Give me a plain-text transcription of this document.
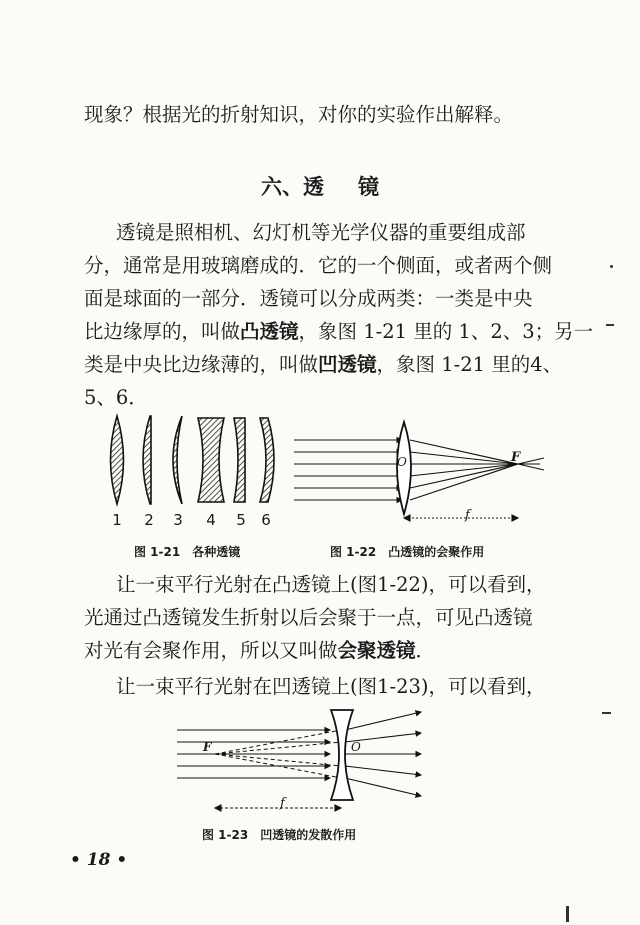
现象？根据光的折射知识，对你的实验作出解释。
六、透 镜
透镜是照相机、幻灯机等光学仪器的重要组成部
分，通常是用玻璃磨成的．它的一个侧面，或者两个侧
面是球面的一部分．透镜可以分成两类：一类是中央
比边缘厚的，叫做凸透镜，象图 1-21 里的 1、2、3；另一
类是中央比边缘薄的，叫做凹透镜，象图 1-21 里的4、
5、6．
1	2	3	4	5	6
图 1-21　各种透镜
O	F
f
图 1-22　凸透镜的会聚作用
让一束平行光射在凸透镜上(图1-22)，可以看到，
光通过凸透镜发生折射以后会聚于一点，可见凸透镜
对光有会聚作用，所以又叫做会聚透镜．
让一束平行光射在凹透镜上(图1-23)，可以看到，
F	O
f
图 1-23　凹透镜的发散作用
• 18 •
